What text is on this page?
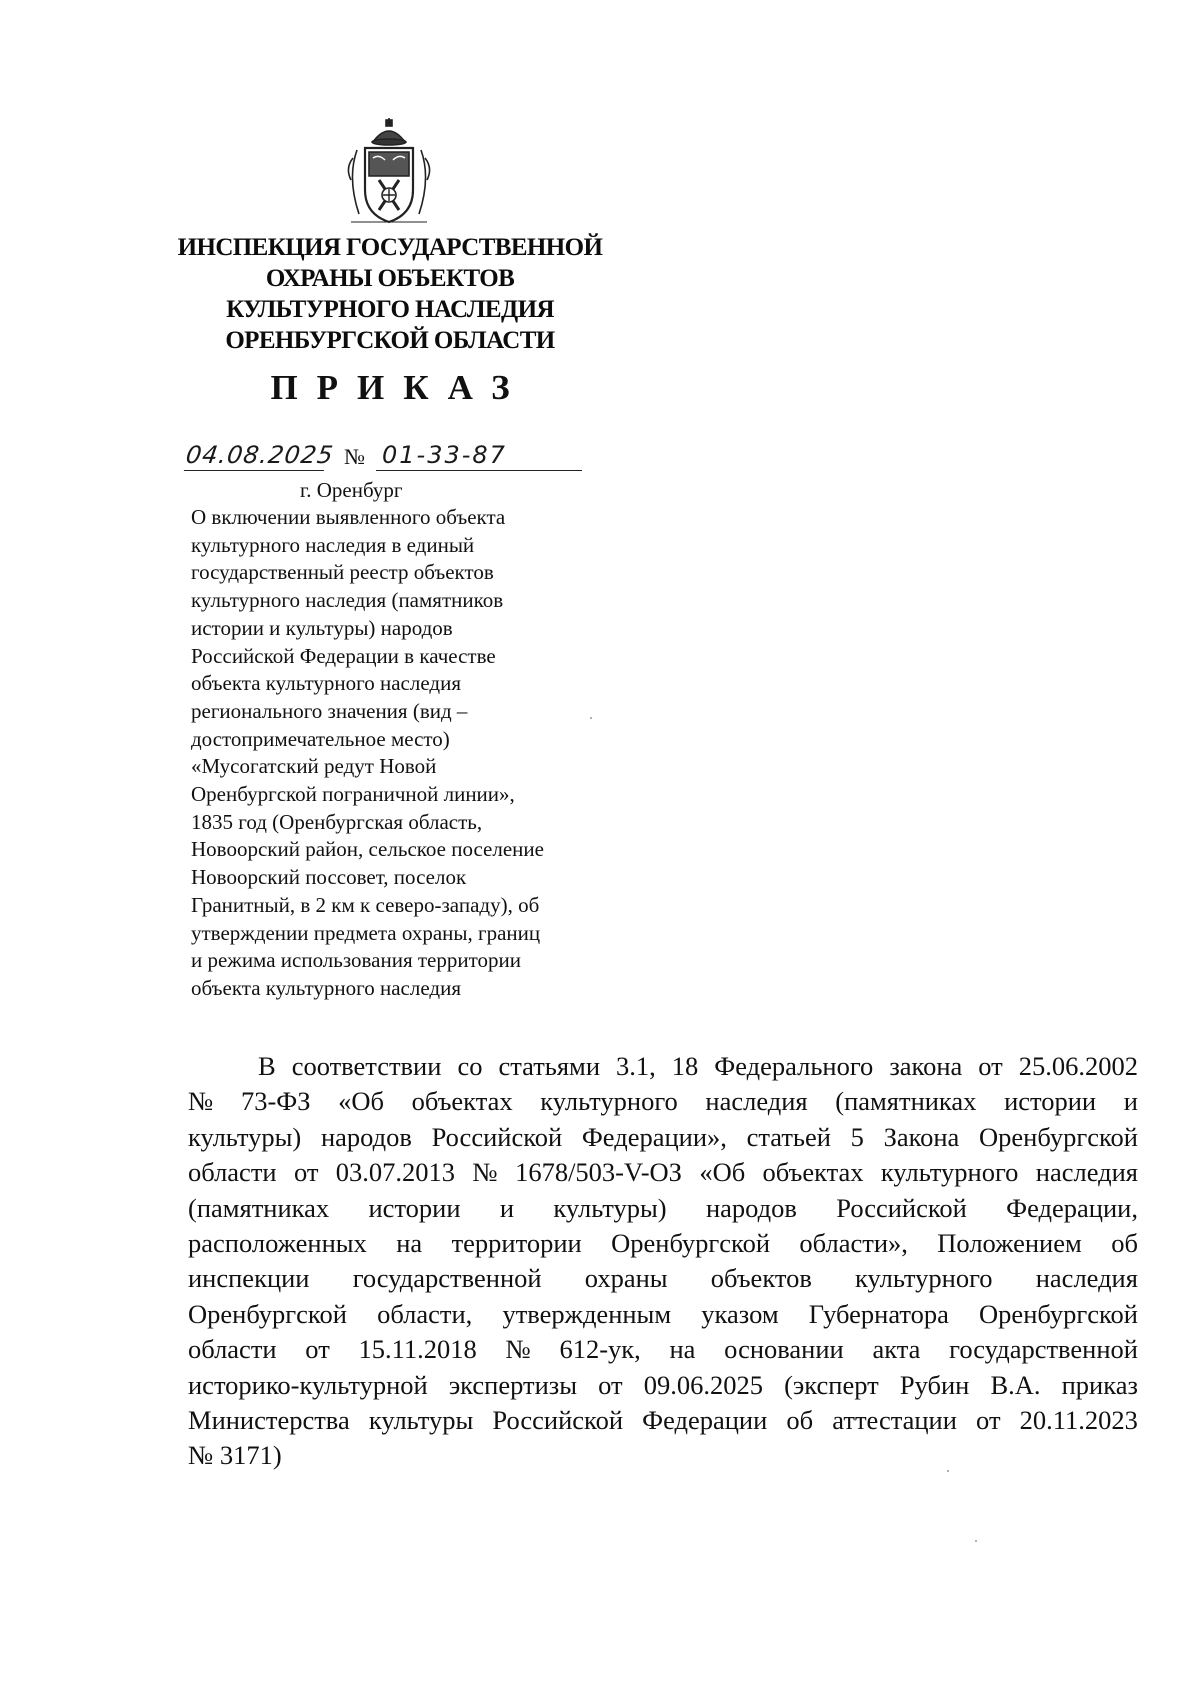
ИНСПЕКЦИЯ ГОСУДАРСТВЕННОЙ
ОХРАНЫ ОБЪЕКТОВ
КУЛЬТУРНОГО НАСЛЕДИЯ
ОРЕНБУРГСКОЙ ОБЛАСТИ
ПРИКАЗ
04.08.2025 № 01-33-87
г. Оренбург
О включении выявленного объекта
культурного наследия в единый
государственный реестр объектов
культурного наследия (памятников
истории и культуры) народов
Российской Федерации в качестве
объекта культурного наследия
регионального значения (вид –
достопримечательное место)
«Мусогатский редут Новой
Оренбургской пограничной линии»,
1835 год (Оренбургская область,
Новоорский район, сельское поселение
Новоорский поссовет, поселок
Гранитный, в 2 км к северо-западу), об
утверждении предмета охраны, границ
и режима использования территории
объекта культурного наследия
В соответствии со статьями 3.1, 18 Федерального закона от 25.06.2002
№ 73-ФЗ «Об объектах культурного наследия (памятниках истории и
культуры) народов Российской Федерации», статьей 5 Закона Оренбургской
области от 03.07.2013 № 1678/503-V-ОЗ «Об объектах культурного наследия
(памятниках истории и культуры) народов Российской Федерации,
расположенных на территории Оренбургской области», Положением об
инспекции государственной охраны объектов культурного наследия
Оренбургской области, утвержденным указом Губернатора Оренбургской
области от 15.11.2018 № 612-ук, на основании акта государственной
историко-культурной экспертизы от 09.06.2025 (эксперт Рубин В.А. приказ
Министерства культуры Российской Федерации об аттестации от 20.11.2023
№ 3171)
